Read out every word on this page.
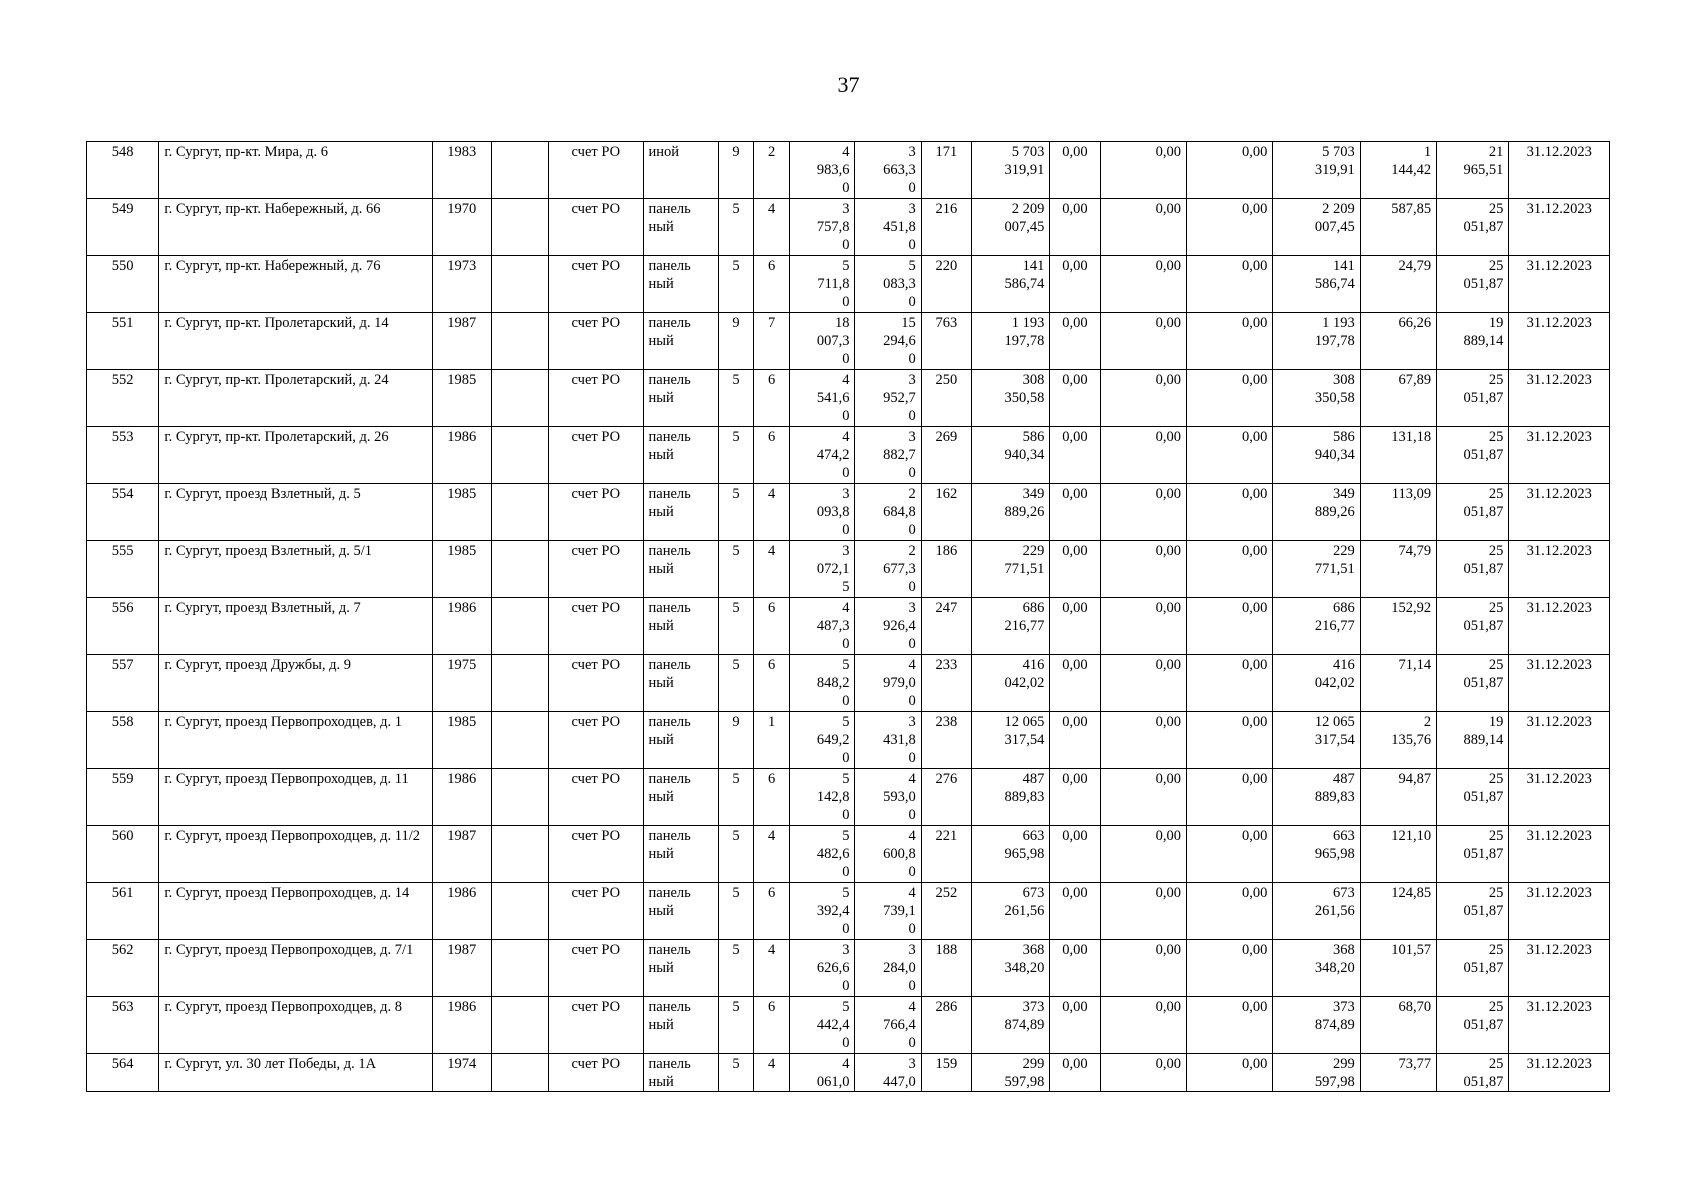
37
548	г. Сургут, пр-кт. Мира, д. 6	1983		счет РО	иной	9	2	4
983,6
0	3
663,3
0	171	5 703
319,91	0,00	0,00	0,00	5 703
319,91	1
144,42	21
965,51	31.12.2023
549	г. Сургут, пр-кт. Набережный, д. 66	1970		счет РО	панель
ный	5	4	3
757,8
0	3
451,8
0	216	2 209
007,45	0,00	0,00	0,00	2 209
007,45	587,85	25
051,87	31.12.2023
550	г. Сургут, пр-кт. Набережный, д. 76	1973		счет РО	панель
ный	5	6	5
711,8
0	5
083,3
0	220	141
586,74	0,00	0,00	0,00	141
586,74	24,79	25
051,87	31.12.2023
551	г. Сургут, пр-кт. Пролетарский, д. 14	1987		счет РО	панель
ный	9	7	18
007,3
0	15
294,6
0	763	1 193
197,78	0,00	0,00	0,00	1 193
197,78	66,26	19
889,14	31.12.2023
552	г. Сургут, пр-кт. Пролетарский, д. 24	1985		счет РО	панель
ный	5	6	4
541,6
0	3
952,7
0	250	308
350,58	0,00	0,00	0,00	308
350,58	67,89	25
051,87	31.12.2023
553	г. Сургут, пр-кт. Пролетарский, д. 26	1986		счет РО	панель
ный	5	6	4
474,2
0	3
882,7
0	269	586
940,34	0,00	0,00	0,00	586
940,34	131,18	25
051,87	31.12.2023
554	г. Сургут, проезд Взлетный, д. 5	1985		счет РО	панель
ный	5	4	3
093,8
0	2
684,8
0	162	349
889,26	0,00	0,00	0,00	349
889,26	113,09	25
051,87	31.12.2023
555	г. Сургут, проезд Взлетный, д. 5/1	1985		счет РО	панель
ный	5	4	3
072,1
5	2
677,3
0	186	229
771,51	0,00	0,00	0,00	229
771,51	74,79	25
051,87	31.12.2023
556	г. Сургут, проезд Взлетный, д. 7	1986		счет РО	панель
ный	5	6	4
487,3
0	3
926,4
0	247	686
216,77	0,00	0,00	0,00	686
216,77	152,92	25
051,87	31.12.2023
557	г. Сургут, проезд Дружбы, д. 9	1975		счет РО	панель
ный	5	6	5
848,2
0	4
979,0
0	233	416
042,02	0,00	0,00	0,00	416
042,02	71,14	25
051,87	31.12.2023
558	г. Сургут, проезд Первопроходцев, д. 1	1985		счет РО	панель
ный	9	1	5
649,2
0	3
431,8
0	238	12 065
317,54	0,00	0,00	0,00	12 065
317,54	2
135,76	19
889,14	31.12.2023
559	г. Сургут, проезд Первопроходцев, д. 11	1986		счет РО	панель
ный	5	6	5
142,8
0	4
593,0
0	276	487
889,83	0,00	0,00	0,00	487
889,83	94,87	25
051,87	31.12.2023
560	г. Сургут, проезд Первопроходцев, д. 11/2	1987		счет РО	панель
ный	5	4	5
482,6
0	4
600,8
0	221	663
965,98	0,00	0,00	0,00	663
965,98	121,10	25
051,87	31.12.2023
561	г. Сургут, проезд Первопроходцев, д. 14	1986		счет РО	панель
ный	5	6	5
392,4
0	4
739,1
0	252	673
261,56	0,00	0,00	0,00	673
261,56	124,85	25
051,87	31.12.2023
562	г. Сургут, проезд Первопроходцев, д. 7/1	1987		счет РО	панель
ный	5	4	3
626,6
0	3
284,0
0	188	368
348,20	0,00	0,00	0,00	368
348,20	101,57	25
051,87	31.12.2023
563	г. Сургут, проезд Первопроходцев, д. 8	1986		счет РО	панель
ный	5	6	5
442,4
0	4
766,4
0	286	373
874,89	0,00	0,00	0,00	373
874,89	68,70	25
051,87	31.12.2023
564	г. Сургут, ул. 30 лет Победы, д. 1А	1974		счет РО	панель
ный	5	4	4
061,0	3
447,0	159	299
597,98	0,00	0,00	0,00	299
597,98	73,77	25
051,87	31.12.2023
